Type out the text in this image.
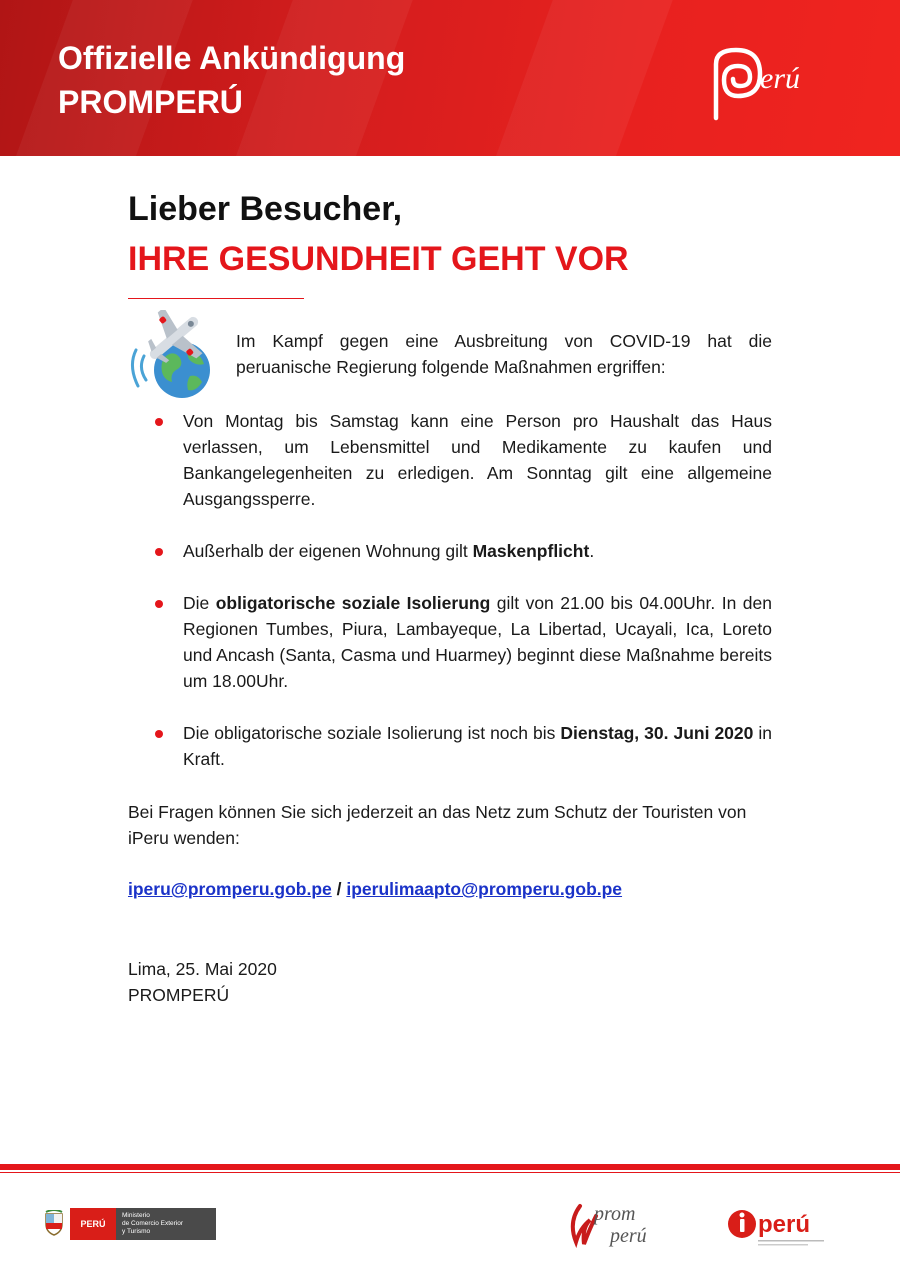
Offizielle Ankündigung
PROMPERÚ
erú
Lieber Besucher,
IHRE GESUNDHEIT GEHT VOR
Im Kampf gegen eine Ausbreitung von COVID-19 hat die peruanische Regierung folgende Maßnahmen ergriffen:
Von Montag bis Samstag kann eine Person pro Haushalt das Haus verlassen, um Lebensmittel und Medikamente zu kaufen und Bankangelegenheiten zu erledigen. Am Sonntag gilt eine allgemeine Ausgangssperre.
Außerhalb der eigenen Wohnung gilt Maskenpflicht.
Die obligatorische soziale Isolierung gilt von 21.00 bis 04.00Uhr. In den Regionen Tumbes, Piura, Lambayeque, La Libertad, Ucayali, Ica, Loreto und Ancash (Santa, Casma und Huarmey) beginnt diese Maßnahme bereits um 18.00Uhr.
Die obligatorische soziale Isolierung ist noch bis Dienstag, 30. Juni 2020 in Kraft.
Bei Fragen können Sie sich jederzeit an das Netz zum Schutz der Touristen von iPeru wenden:
iperu@promperu.gob.pe / iperulimaapto@promperu.gob.pe
Lima, 25. Mai 2020
PROMPERÚ
PERÚ
Ministerio
de Comercio Exterior
y Turismo
prom
perú	perú
